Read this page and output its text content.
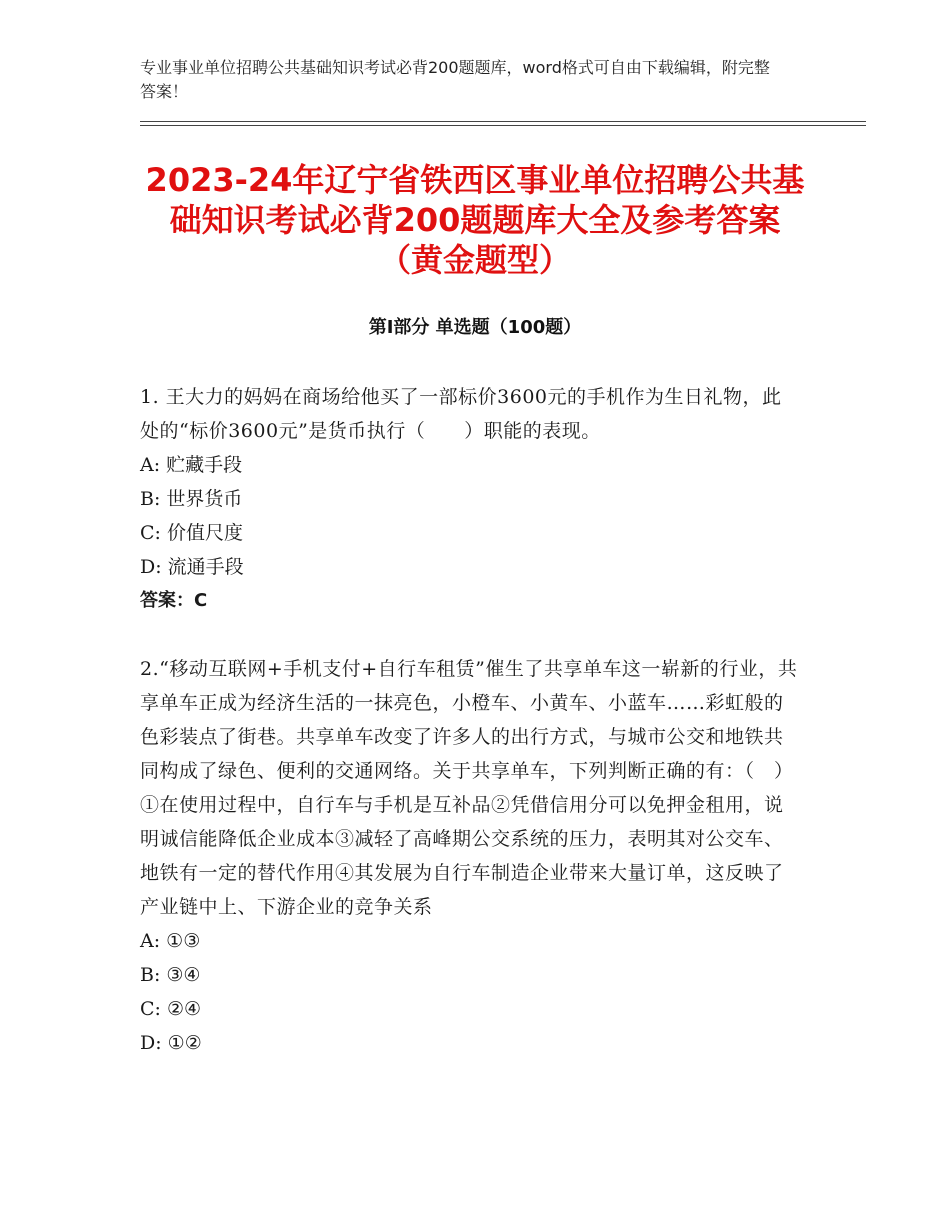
专业事业单位招聘公共基础知识考试必背200题题库，word格式可自由下载编辑，附完整答案！
2023-24年辽宁省铁西区事业单位招聘公共基础知识考试必背200题题库大全及参考答案（黄金题型）
第Ⅰ部分 单选题（100题）
1. 王大力的妈妈在商场给他买了一部标价3600元的手机作为生日礼物，此处的“标价3600元”是货币执行（　　）职能的表现。
A: 贮藏手段
B: 世界货币
C: 价值尺度
D: 流通手段
答案：C
2.“移动互联网+手机支付+自行车租赁”催生了共享单车这一崭新的行业，共享单车正成为经济生活的一抹亮色，小橙车、小黄车、小蓝车……彩虹般的色彩装点了街巷。共享单车改变了许多人的出行方式，与城市公交和地铁共同构成了绿色、便利的交通网络。关于共享单车，下列判断正确的有：（　）①在使用过程中，自行车与手机是互补品②凭借信用分可以免押金租用，说明诚信能降低企业成本③减轻了高峰期公交系统的压力，表明其对公交车、地铁有一定的替代作用④其发展为自行车制造企业带来大量订单，这反映了产业链中上、下游企业的竞争关系
A: ①③
B: ③④
C: ②④
D: ①②
